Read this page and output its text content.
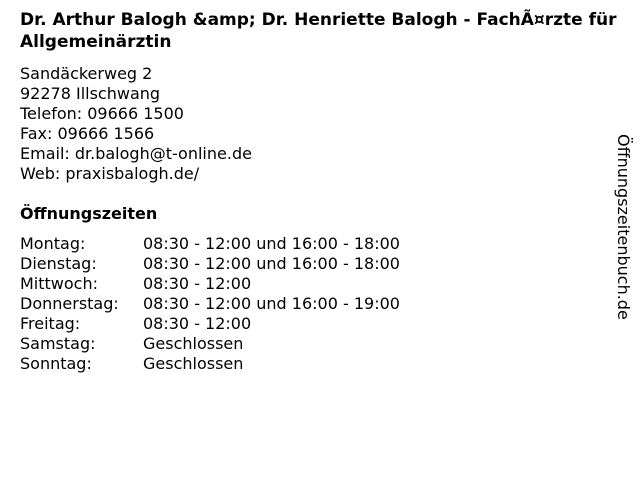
Dr. Arthur Balogh &amp; Dr. Henriette Balogh - FachÃ¤rzte für Allgemeinärztin
Sandäckerweg 2
92278 Illschwang
Telefon: 09666 1500
Fax: 09666 1566
Email: dr.balogh@t-online.de
Web: praxisbalogh.de/
Öffnungszeiten
Montag:	08:30 - 12:00 und 16:00 - 18:00
Dienstag:	08:30 - 12:00 und 16:00 - 18:00
Mittwoch:	08:30 - 12:00
Donnerstag:	08:30 - 12:00 und 16:00 - 19:00
Freitag:	08:30 - 12:00
Samstag:	Geschlossen
Sonntag:	Geschlossen
Öffnungszeitenbuch.de
